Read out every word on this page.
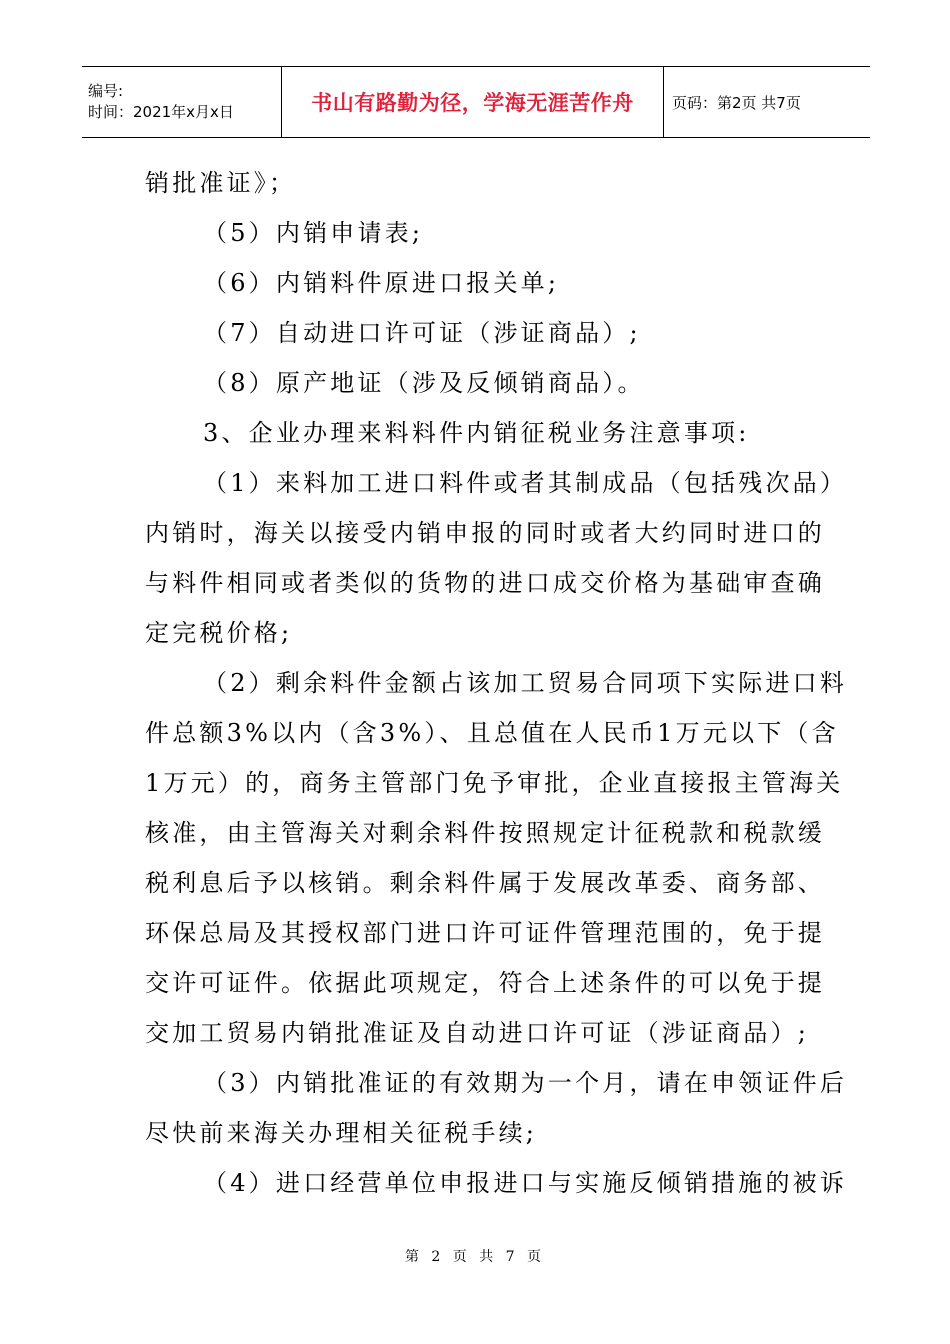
编号:
时间：2021年x月x日	书山有路勤为径，学海无涯苦作舟	页码：第2页 共7页

销批准证》；

（5）内销申请表;

（6）内销料件原进口报关单;

（7）自动进口许可证（涉证商品）;

（8）原产地证（涉及反倾销商品）。

3、企业办理来料料件内销征税业务注意事项:

（1）来料加工进口料件或者其制成品（包括残次品）

内销时，海关以接受内销申报的同时或者大约同时进口的

与料件相同或者类似的货物的进口成交价格为基础审查确

定完税价格;

（2）剩余料件金额占该加工贸易合同项下实际进口料

件总额3%以内（含3%）、且总值在人民币1万元以下（含

1万元）的，商务主管部门免予审批，企业直接报主管海关

核准，由主管海关对剩余料件按照规定计征税款和税款缓

税利息后予以核销。剩余料件属于发展改革委、商务部、

环保总局及其授权部门进口许可证件管理范围的，免于提

交许可证件。依据此项规定，符合上述条件的可以免于提

交加工贸易内销批准证及自动进口许可证（涉证商品）;

（3）内销批准证的有效期为一个月，请在申领证件后

尽快前来海关办理相关征税手续;

（4）进口经营单位申报进口与实施反倾销措施的被诉

第 2 页 共 7 页
